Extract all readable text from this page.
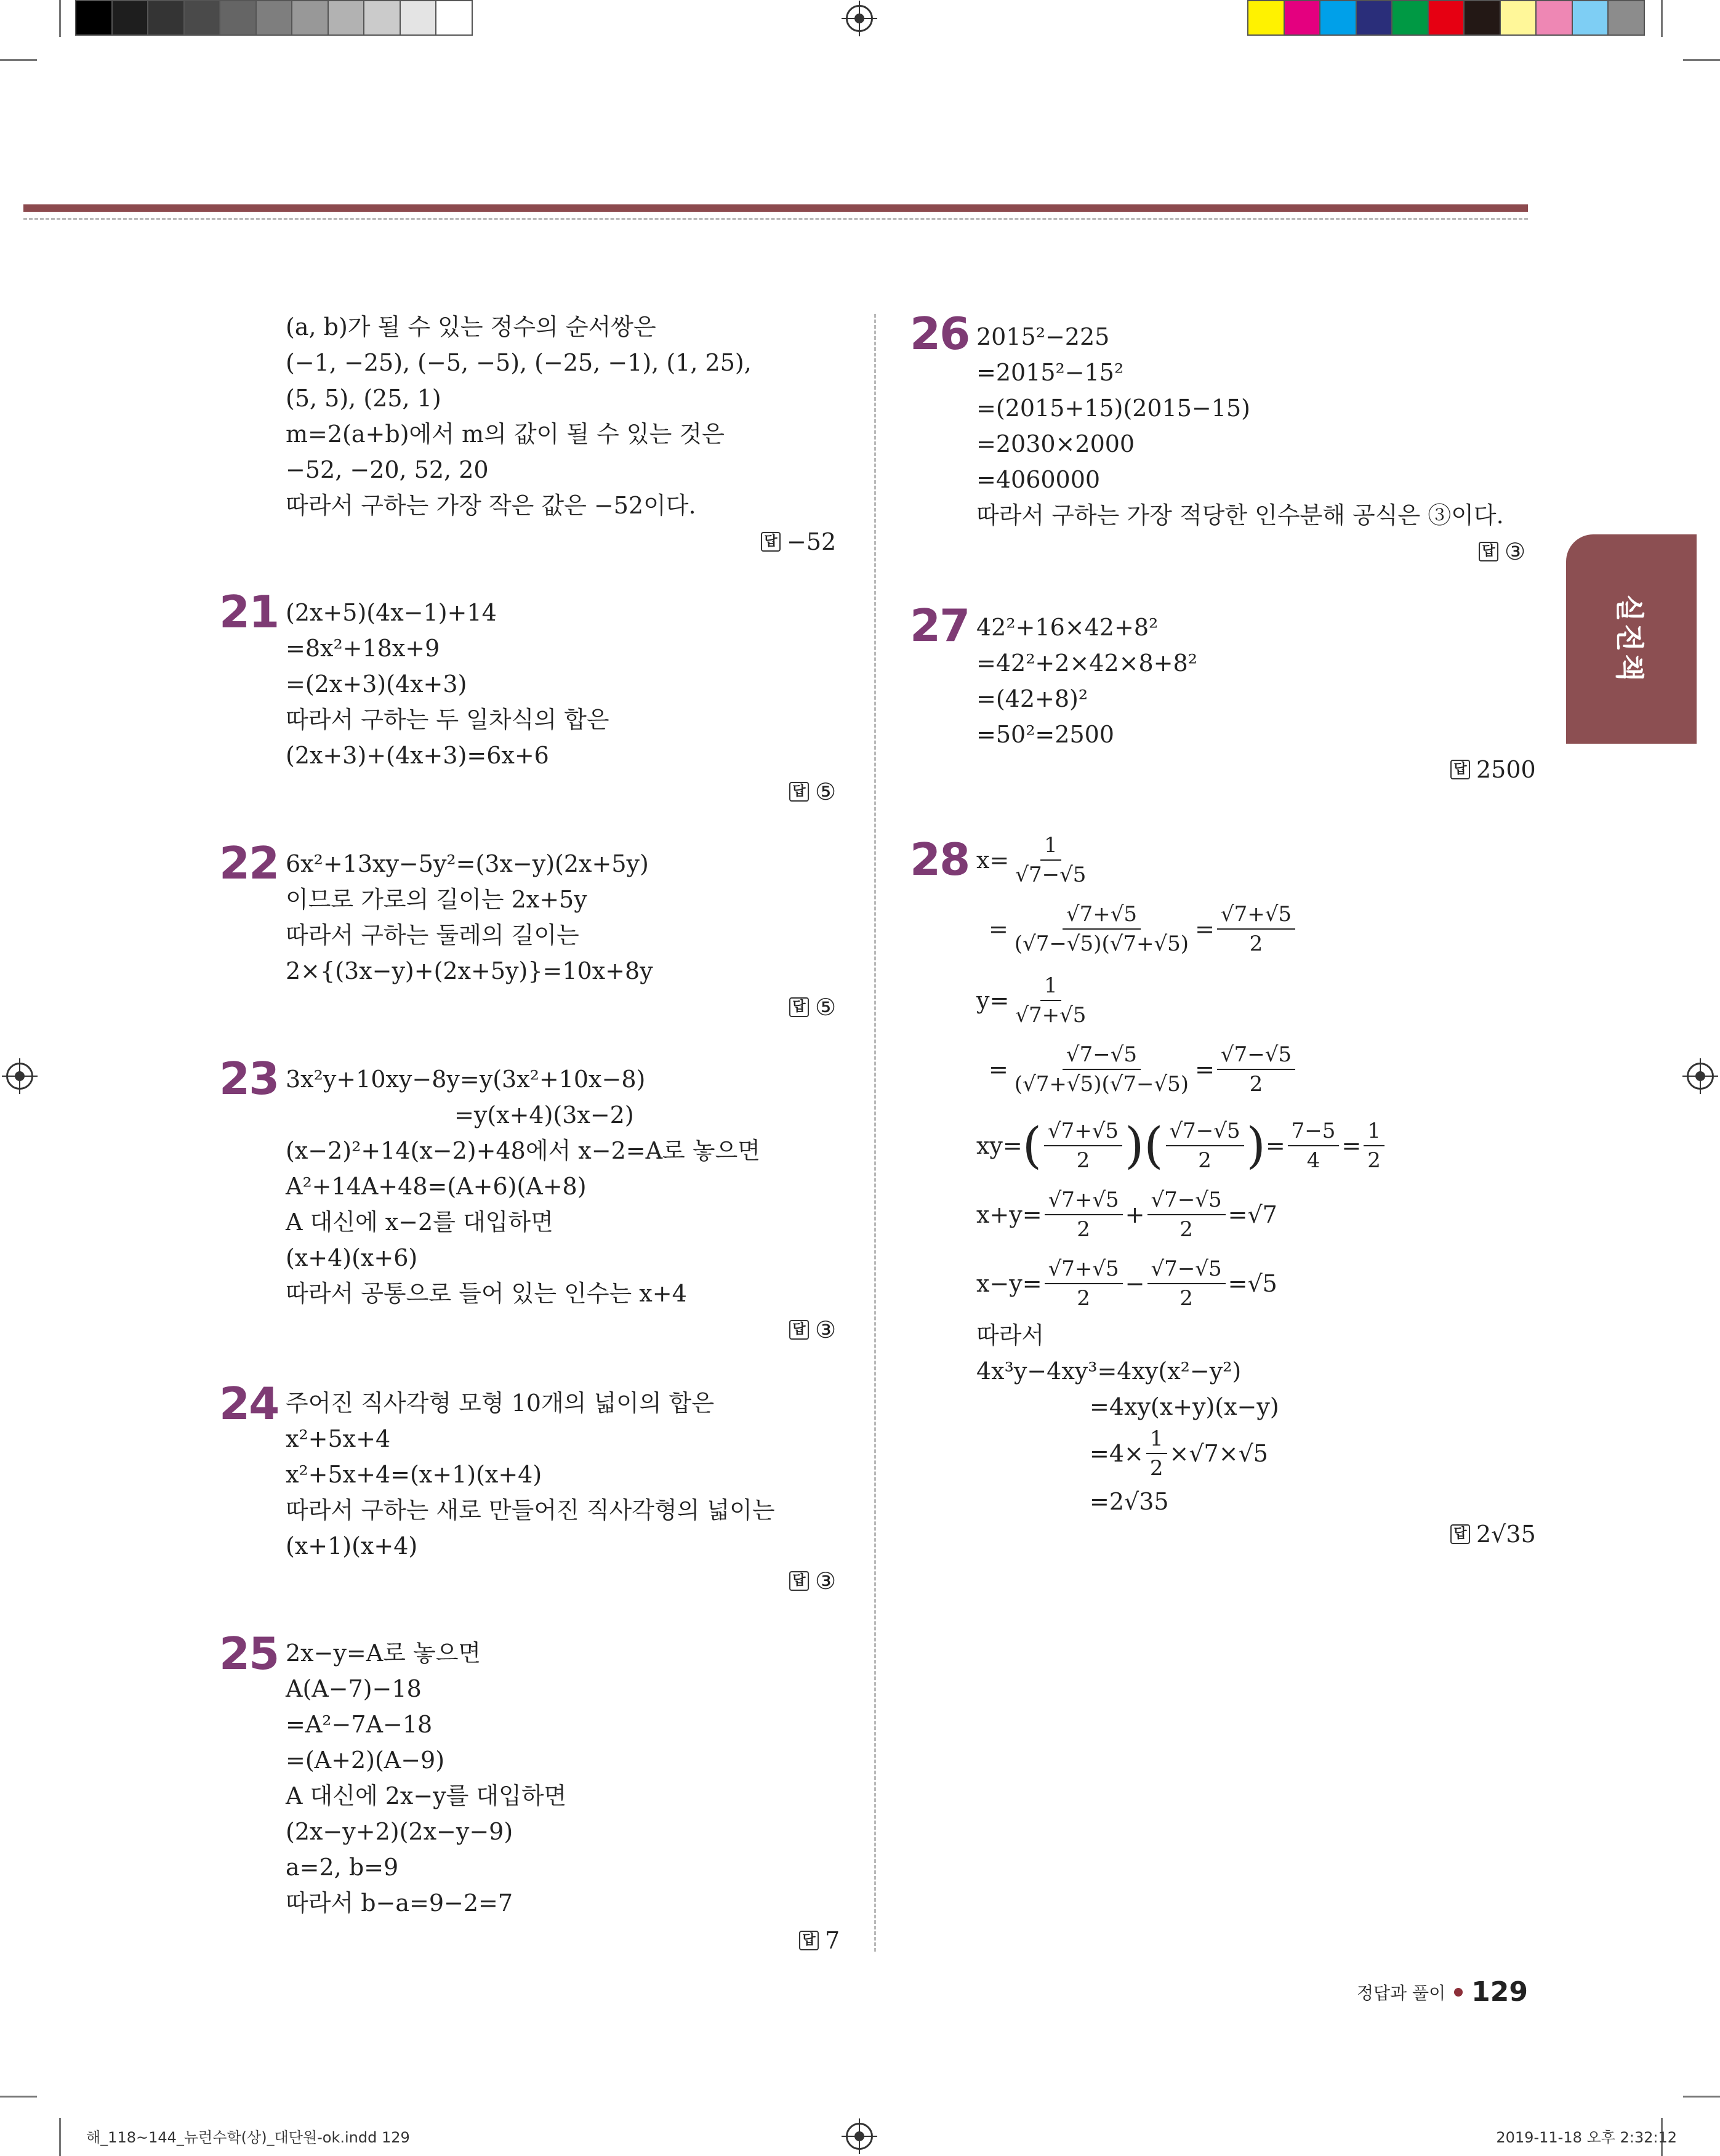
실전책
(a, b)가 될 수 있는 정수의 순서쌍은
(−1, −25), (−5, −5), (−25, −1), (1, 25),
(5, 5), (25, 1)
m=2(a+b)에서 m의 값이 될 수 있는 것은
−52, −20, 52, 20
따라서 구하는 가장 작은 값은 −52이다.
답 −52
21 (2x+5)(4x−1)+14
=8x²+18x+9
=(2x+3)(4x+3)
따라서 구하는 두 일차식의 합은
(2x+3)+(4x+3)=6x+6
답 ⑤
22 6x²+13xy−5y²=(3x−y)(2x+5y)
이므로 가로의 길이는 2x+5y
따라서 구하는 둘레의 길이는
2×{(3x−y)+(2x+5y)}=10x+8y
답 ⑤
23 3x²y+10xy−8y=y(3x²+10x−8)
=y(x+4)(3x−2)
(x−2)²+14(x−2)+48에서 x−2=A로 놓으면
A²+14A+48=(A+6)(A+8)
A 대신에 x−2를 대입하면
(x+4)(x+6)
따라서 공통으로 들어 있는 인수는 x+4
답 ③
24 주어진 직사각형 모형 10개의 넓이의 합은
x²+5x+4
x²+5x+4=(x+1)(x+4)
따라서 구하는 새로 만들어진 직사각형의 넓이는
(x+1)(x+4)
답 ③
25 2x−y=A로 놓으면
A(A−7)−18
=A²−7A−18
=(A+2)(A−9)
A 대신에 2x−y를 대입하면
(2x−y+2)(2x−y−9)
a=2, b=9
따라서 b−a=9−2=7
답 7
26 2015²−225
=2015²−15²
=(2015+15)(2015−15)
=2030×2000
=4060000
따라서 구하는 가장 적당한 인수분해 공식은 ③이다.
답 ③
27 42²+16×42+8²
=42²+2×42×8+8²
=(42+8)²
=50²=2500
답 2500
28 $x= \frac{1}{√7-√5}$
= $\frac{√7+√5}{(√7-√5)(√7+√5)} = \frac{√7+√5}{2}$
$y= \frac{1}{√7+√5}$
= $\frac{√7-√5}{(√7+√5)(√7-√5)} = \frac{√7-√5}{2}$
xy= ( $\frac{√7+√5}{2}$ ) ( $\frac{√7-√5}{2}$ ) = $\frac{7-5}{4} = \frac{1}{2}$
$x+y= \frac{√7+√5}{2} + \frac{√7-√5}{2} =√7$
$x-y= \frac{√7+√5}{2} - \frac{√7-√5}{2} =√5$
따라서
4x³y−4xy³=4xy(x²−y²)
=4xy(x+y)(x−y)
$=4\times \frac{1}{2} \times√7\times√5$
=2√35
답 2√35
정답과 풀이 129
해_118~144_뉴런수학(상)_대단원-ok.indd 129	2019-11-18 오후 2:32:12
